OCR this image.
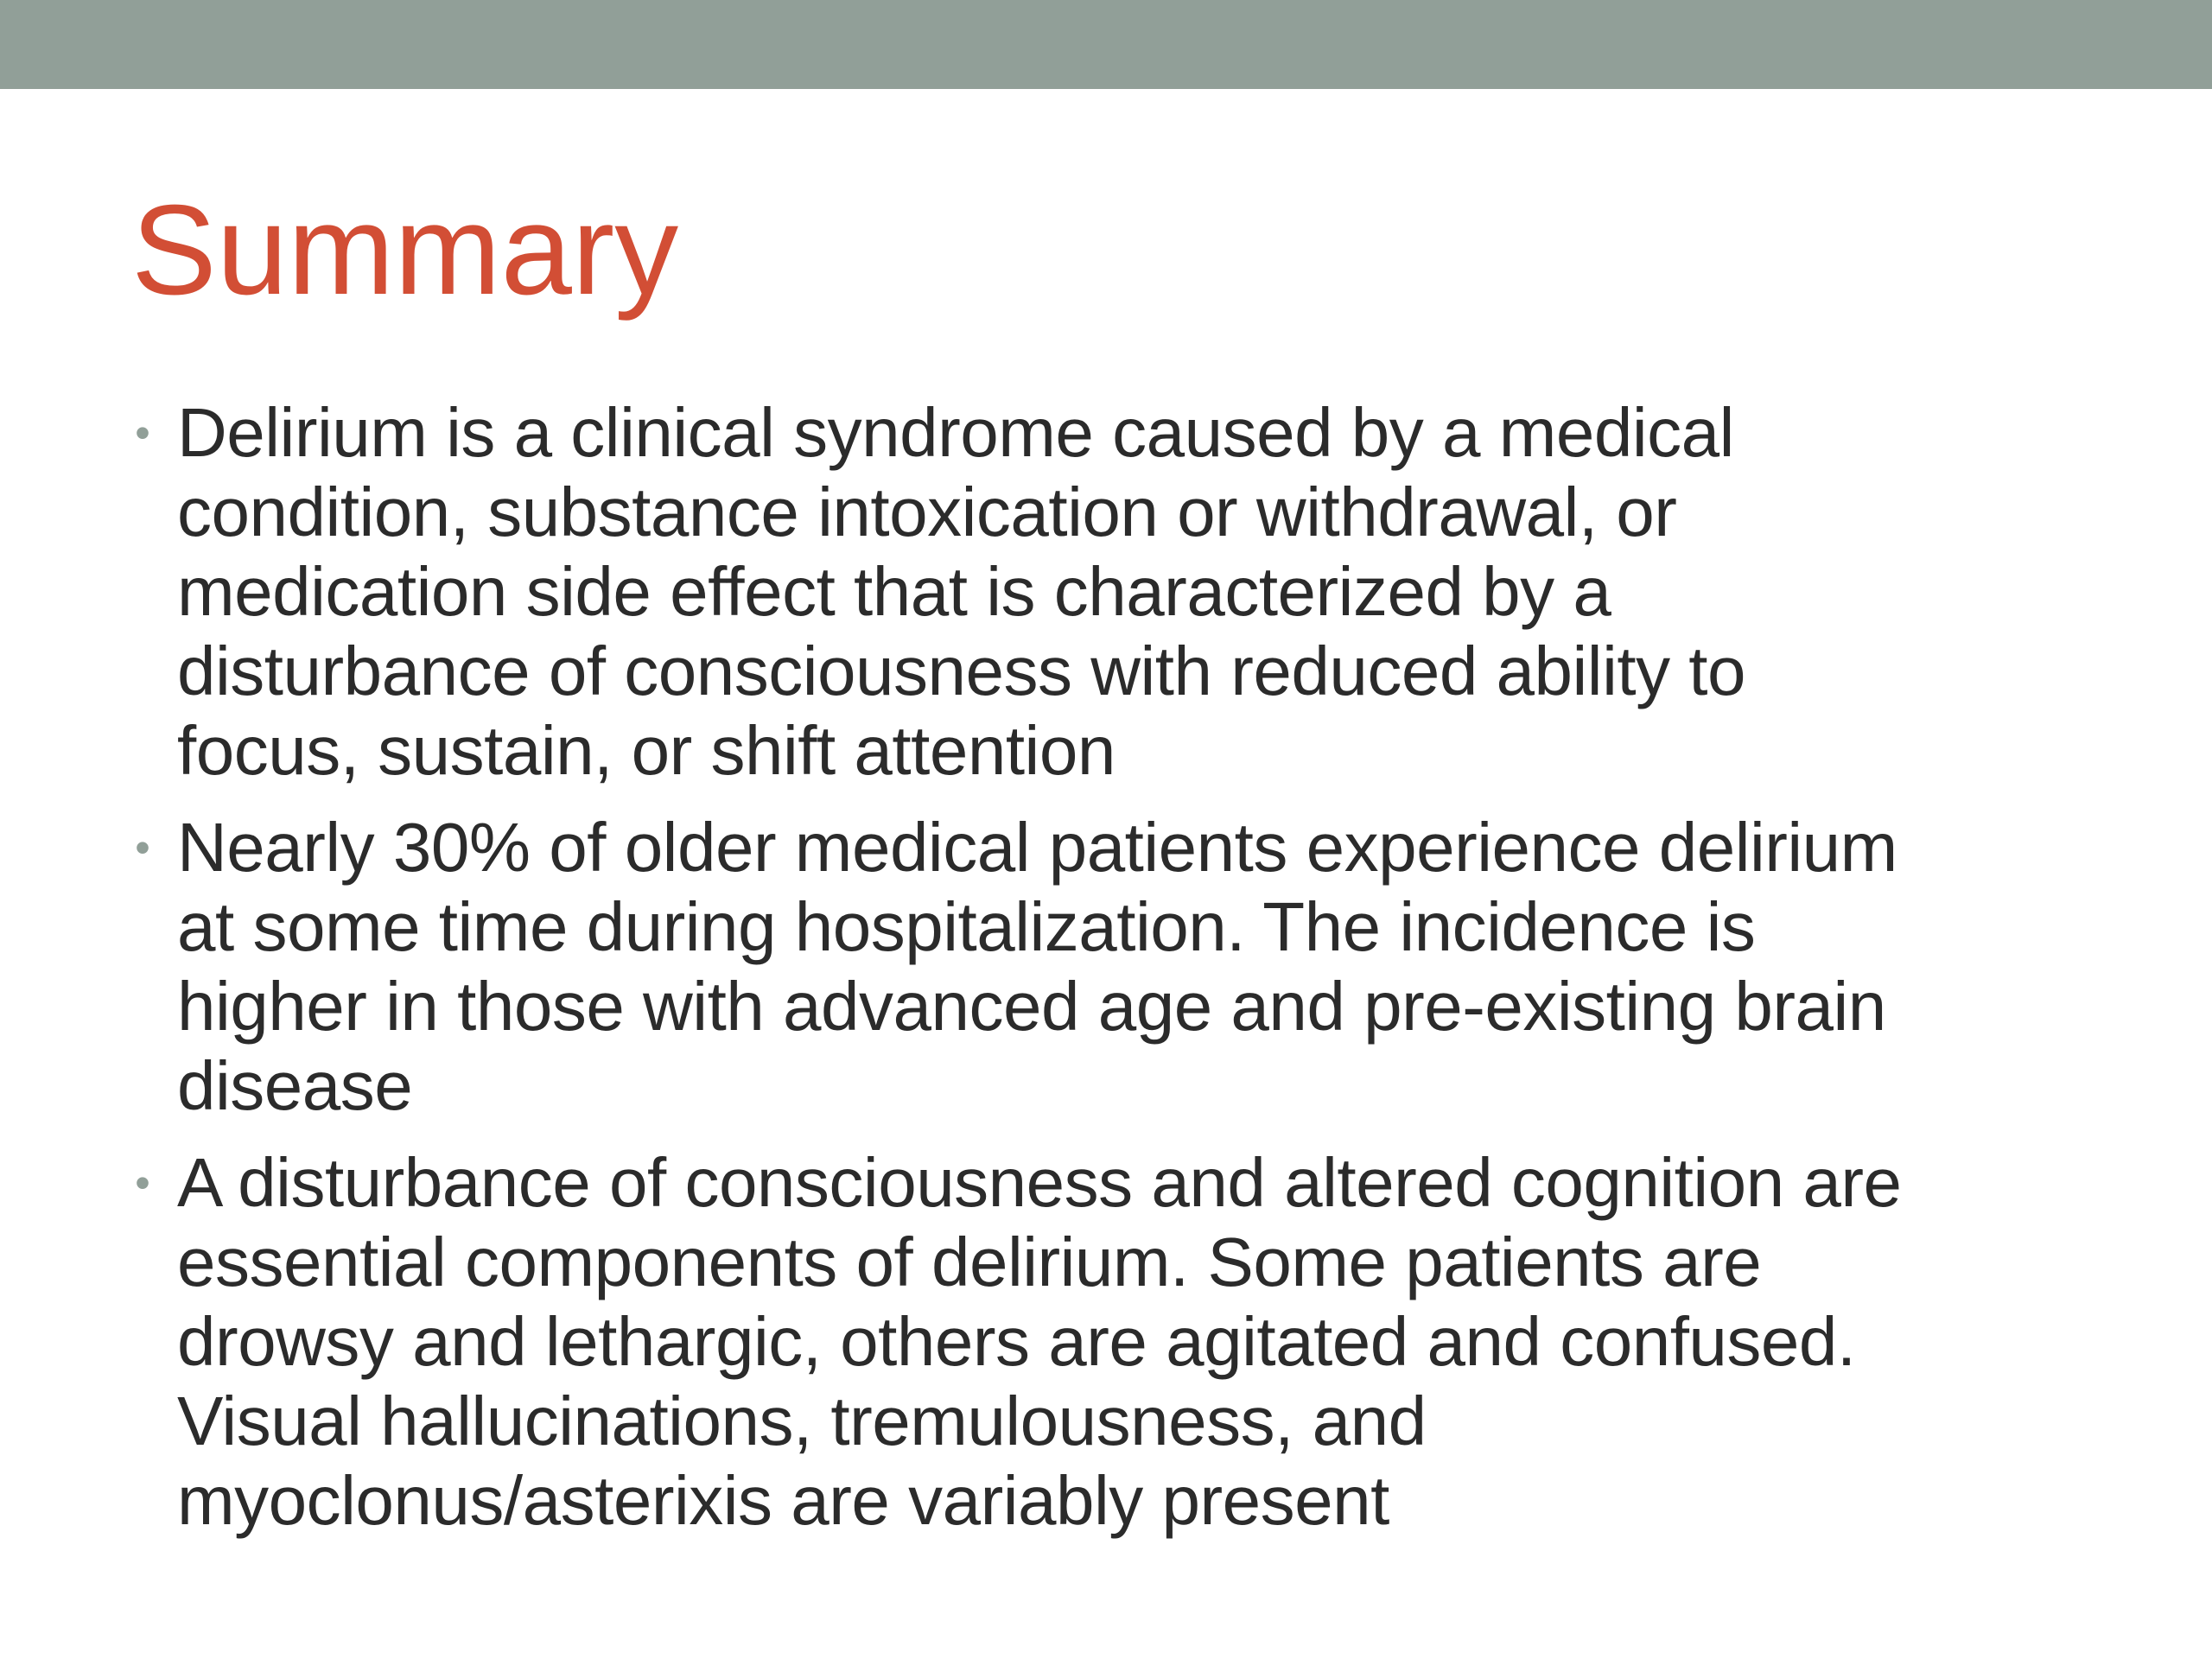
Summary
• Delirium is a clinical syndrome caused by a medical
condition, substance intoxication or withdrawal, or
medication side effect that is characterized by a
disturbance of consciousness with reduced ability to
focus, sustain, or shift attention
• Nearly 30% of older medical patients experience delirium
at some time during hospitalization. The incidence is
higher in those with advanced age and pre-existing brain
disease
• A disturbance of consciousness and altered cognition are
essential components of delirium. Some patients are
drowsy and lethargic, others are agitated and confused.
Visual hallucinations, tremulousness, and
myoclonus/asterixis are variably present
